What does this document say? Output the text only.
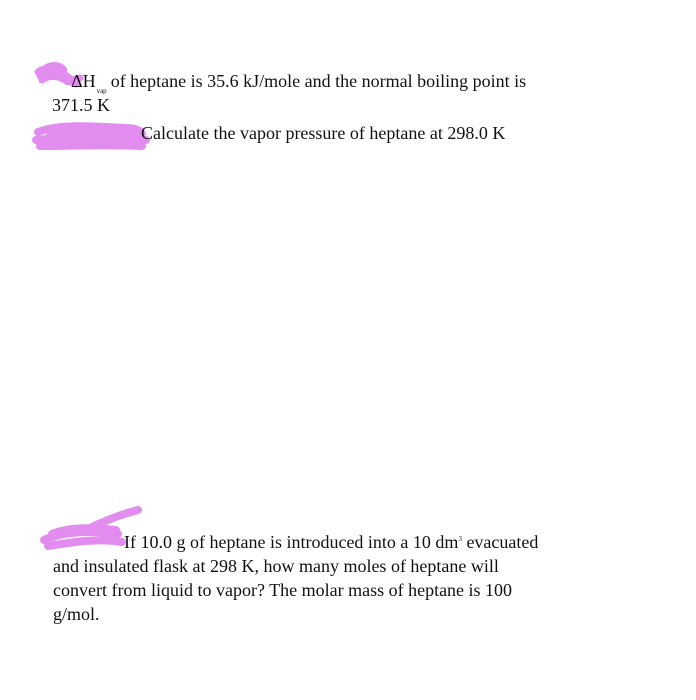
$\Delta H_{vap}$ of heptane is 35.6 kJ/mole and the normal boiling point is
371.5 K
Calculate the vapor pressure of heptane at 298.0 K
If 10.0 g of heptane is introduced into a 10 $dm^3$ evacuated
and insulated flask at 298 K, how many moles of heptane will
convert from liquid to vapor? The molar mass of heptane is 100
g/mol.
